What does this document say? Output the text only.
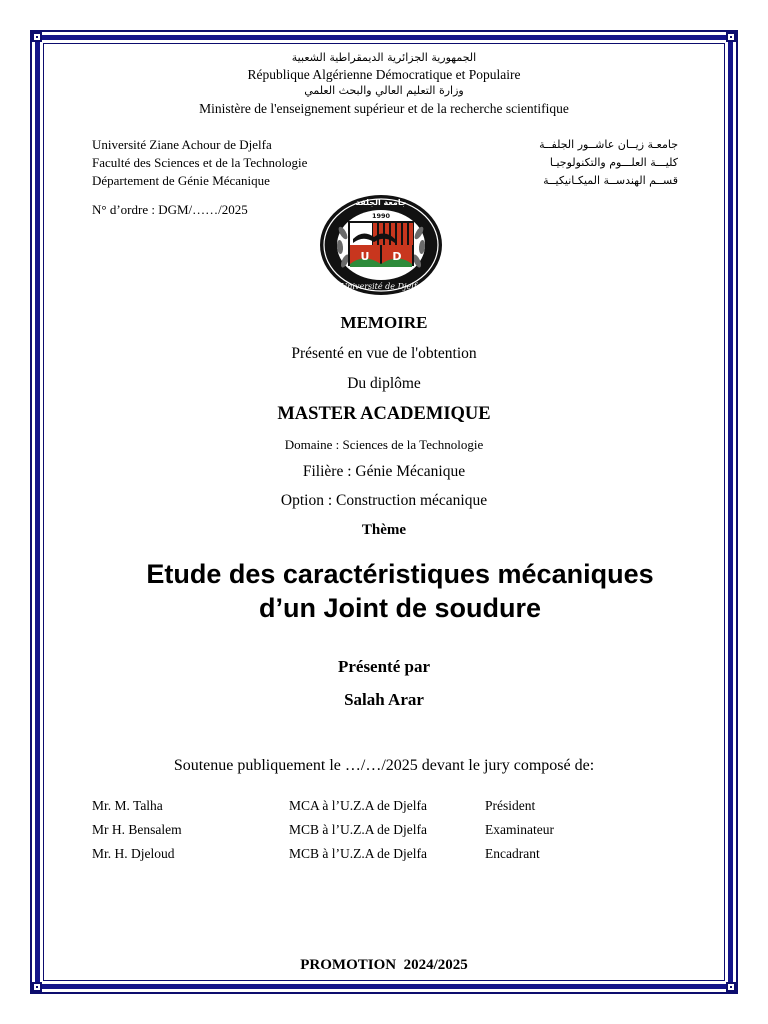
الجمهورية الجزائرية الديمقراطية الشعبية
République Algérienne Démocratique et Populaire
وزارة التعليم العالي والبحث العلمي
Ministère de l'enseignement supérieur et de la recherche scientifique
Université Ziane Achour de Djelfa
Faculté des Sciences et de la Technologie
Département de Génie Mécanique
جامعـة زيــان عاشــور الجلفــة
كليـــة العلـــوم والتكنولوجيـا
قســم الهندســة الميكـانيكيــة
N° d’ordre : DGM/……/2025
U D
1990
جامعة الجلفة
Université de Djelfa
MEMOIRE
Présenté en vue de l'obtention
Du diplôme
MASTER ACADEMIQUE
Domaine : Sciences de la Technologie
Filière : Génie Mécanique
Option : Construction mécanique
Thème
Etude des caractéristiques mécaniques
d’un Joint de soudure
Présenté par
Salah Arar
Soutenue publiquement le …/…/2025 devant le jury composé de:
Mr. M. Talha	MCA à l’U.Z.A de Djelfa	Président
Mr H. Bensalem	MCB à l’U.Z.A de Djelfa	Examinateur
Mr. H. Djeloud	MCB à l’U.Z.A de Djelfa	Encadrant
PROMOTION  2024/2025
